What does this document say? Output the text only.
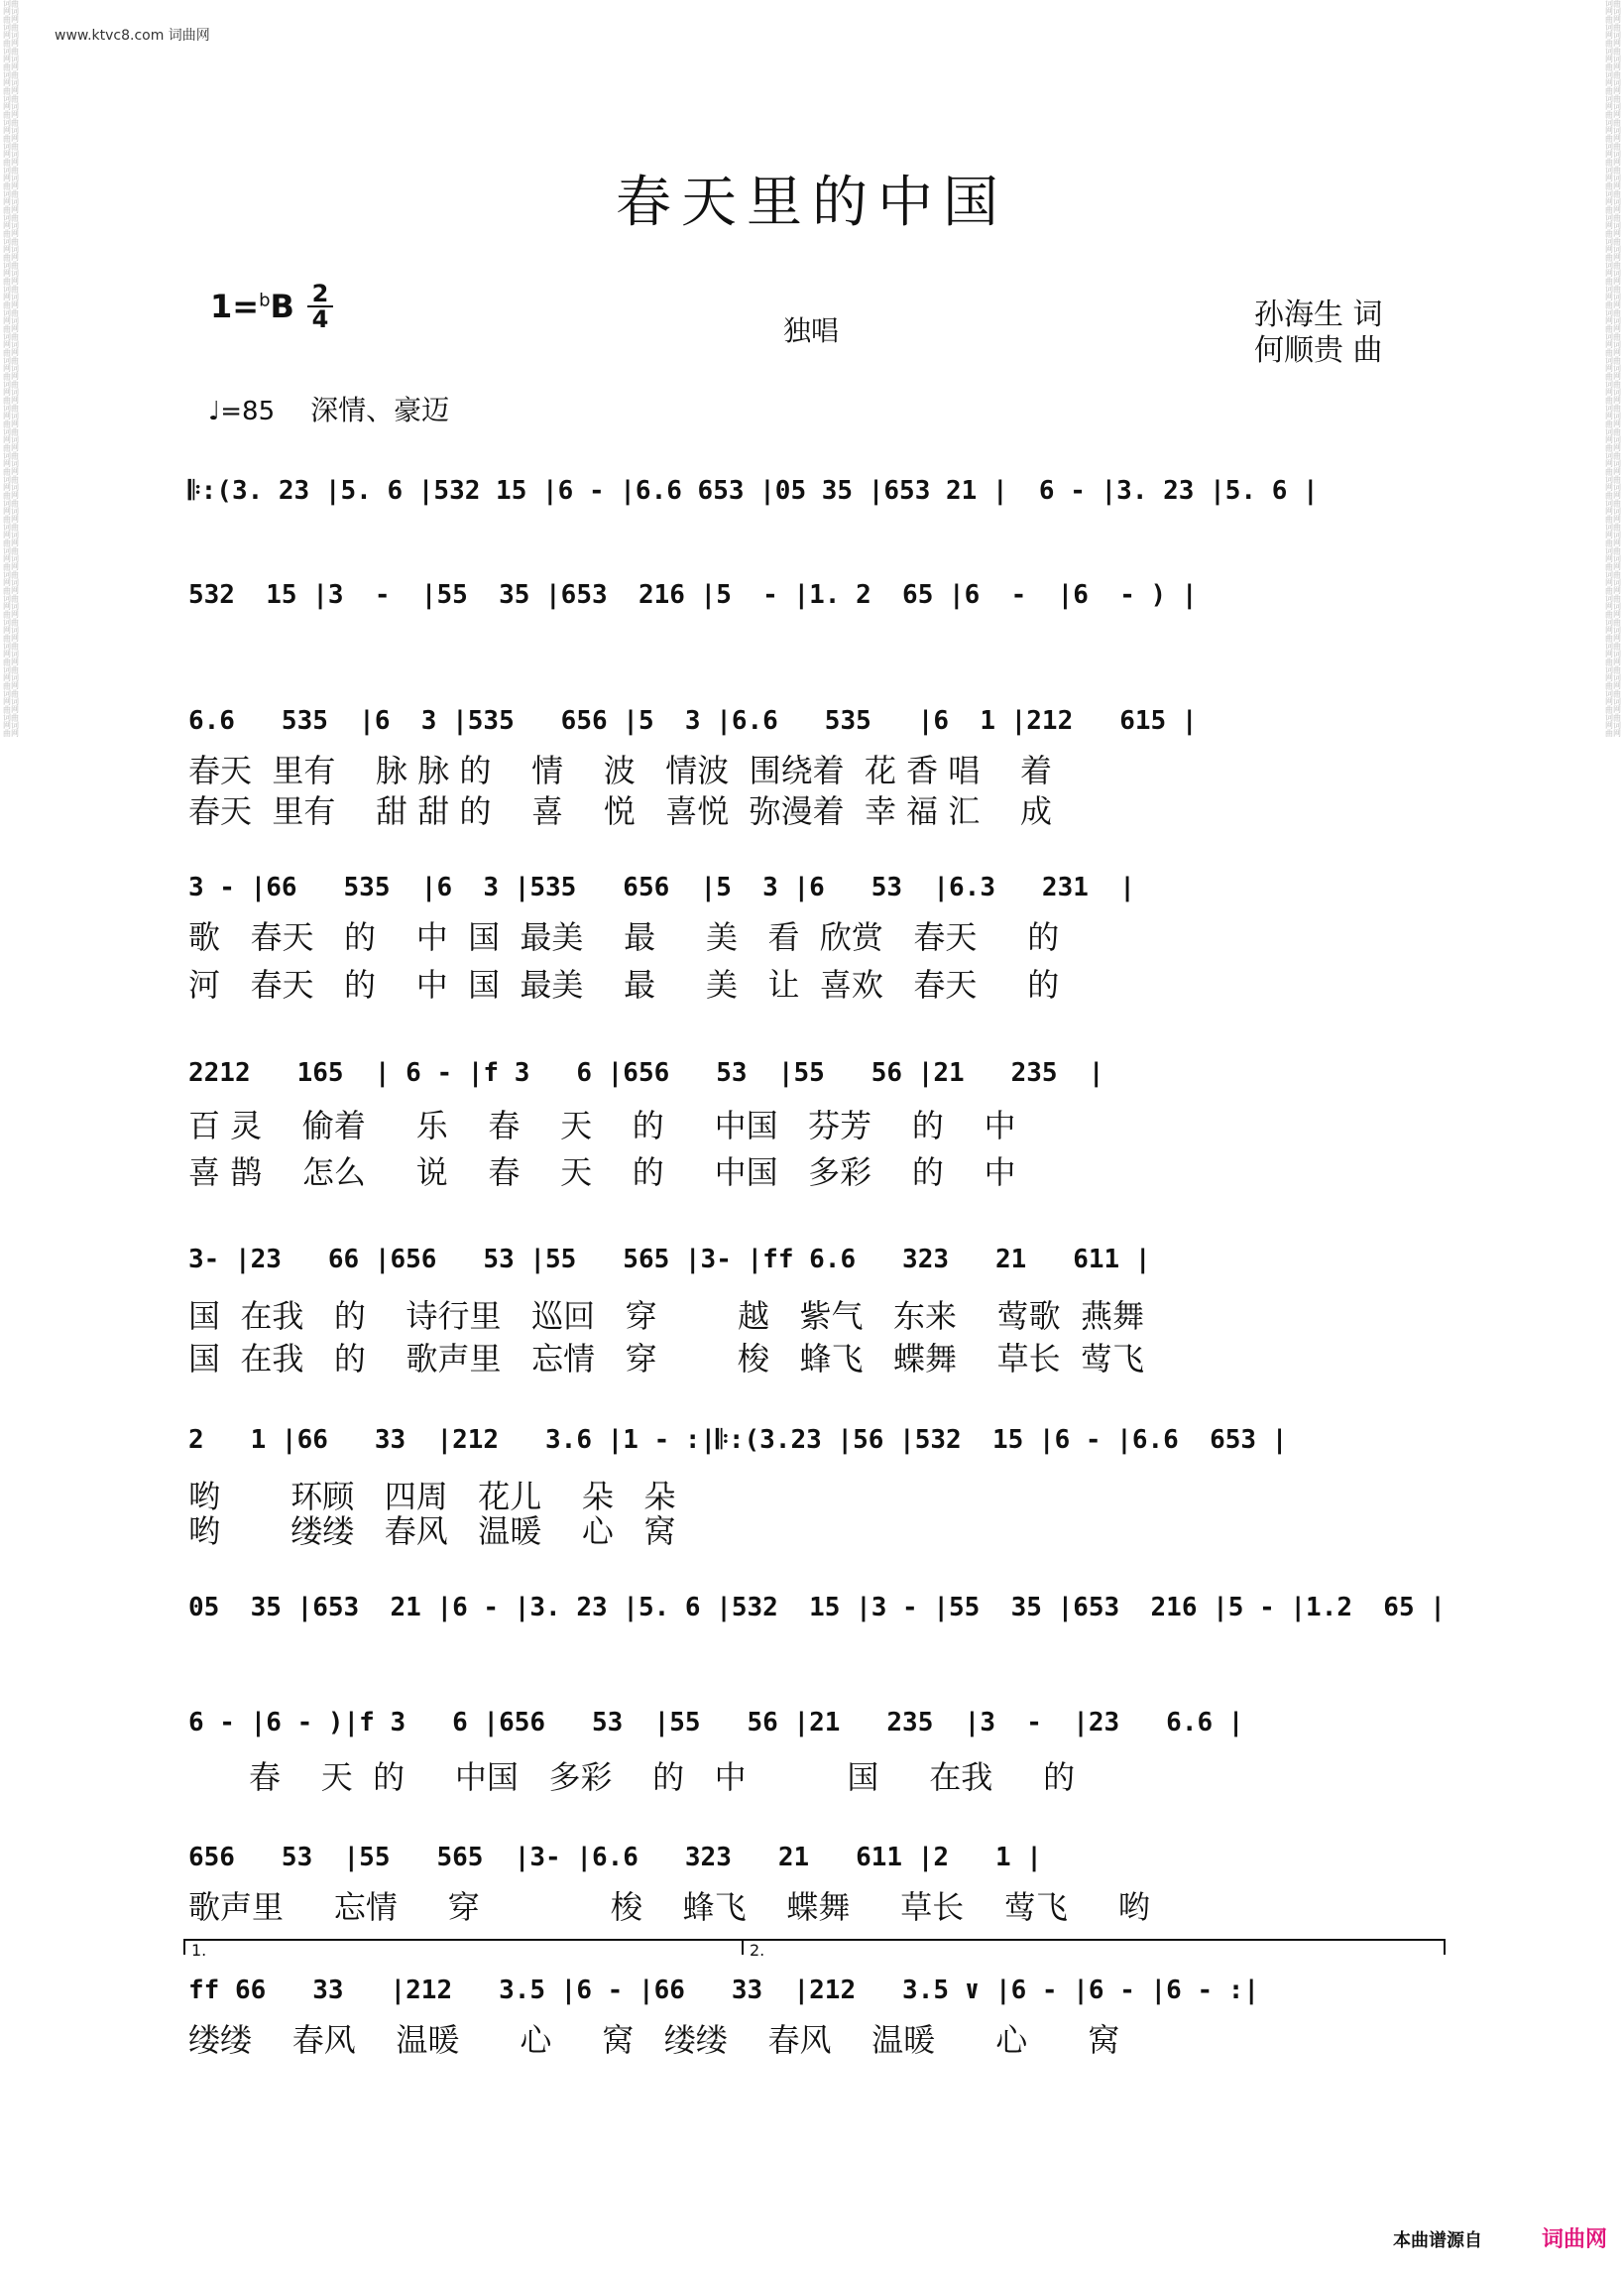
词曲网词曲网词曲网词曲网词曲网词曲网词曲网词曲网词曲网词曲网词曲网词曲网词曲网词曲网词曲网词曲网词曲网词曲网词曲网词曲网词曲网词曲网词曲网词曲网词曲网词曲网词曲网词曲网词曲网词曲网词曲网词曲网词曲网词曲网词曲网词曲网词曲网词曲网词曲网词曲网词曲网词曲网词曲网词曲网词曲网词曲网词曲网词曲网词曲网词曲网词曲网词曲网词曲网词曲网词曲网词曲网词曲网词曲网词曲网词曲网词曲网词曲网
词曲网词曲网词曲网词曲网词曲网词曲网词曲网词曲网词曲网词曲网词曲网词曲网词曲网词曲网词曲网词曲网词曲网词曲网词曲网词曲网词曲网词曲网词曲网词曲网词曲网词曲网词曲网词曲网词曲网词曲网词曲网词曲网词曲网词曲网词曲网词曲网词曲网词曲网词曲网词曲网词曲网词曲网词曲网词曲网词曲网词曲网词曲网词曲网词曲网词曲网词曲网词曲网词曲网词曲网词曲网词曲网词曲网词曲网词曲网词曲网词曲网词曲网
www.ktvc8.com 词曲网
春天里的中国
1=$^b$B 2
4	独唱	孙海生 词
何顺贵 曲
♩=85 深情、豪迈
𝄆:(3. 23 |5. 6 |532 15 |6 - |6.6 653 |05 35 |653 21 |  6 - |3. 23 |5. 6 |
532  15 |3  -  |55  35 |653  216 |5  - |1. 2  65 |6  -  |6  - ) |
6.6   535  |6  3 |535   656 |5  3 |6.6   535   |6  1 |212   615 |
春天  里有    脉 脉 的    情    波   情波  围绕着  花 香 唱    着
春天  里有    甜 甜 的    喜    悦   喜悦  弥漫着  幸 福 汇    成
3 - |66   535  |6  3 |535   656  |5  3 |6   53  |6.3   231  |
歌   春天   的    中  国  最美    最     美   看  欣赏   春天     的
河   春天   的    中  国  最美    最     美   让  喜欢   春天     的
2212   165  | 6 - |f 3   6 |656   53  |55   56 |21   235  |
百 灵    偷着     乐    春    天    的     中国   芬芳    的    中
喜 鹊    怎么     说    春    天    的     中国   多彩    的    中
3- |23   66 |656   53 |55   565 |3- |ff 6.6   323   21   611 |
国  在我   的    诗行里   巡回   穿        越   紫气   东来    莺歌  燕舞
国  在我   的    歌声里   忘情   穿        梭   蜂飞   蝶舞    草长  莺飞
2   1 |66   33  |212   3.6 |1 - :|𝄆:(3.23 |56 |532  15 |6 - |6.6  653 |
哟       环顾   四周   花儿    朵   朵
哟       缕缕   春风   温暖    心   窝
05  35 |653  21 |6 - |3. 23 |5. 6 |532  15 |3 - |55  35 |653  216 |5 - |1.2  65 |
6 - |6 - )|f 3   6 |656   53  |55   56 |21   235  |3  -  |23   6.6 |
春    天  的     中国   多彩    的   中          国     在我     的
656   53  |55   565  |3- |6.6   323   21   611 |2   1 |
歌声里     忘情     穿             梭    蜂飞    蝶舞     草长    莺飞     哟
1.	2.
ff 66   33   |212   3.5 |6 - |66   33  |212   3.5 ∨ |6 - |6 - |6 - :|
缕缕    春风    温暖      心     窝   缕缕    春风    温暖      心      窝
本曲谱源自	词曲网
